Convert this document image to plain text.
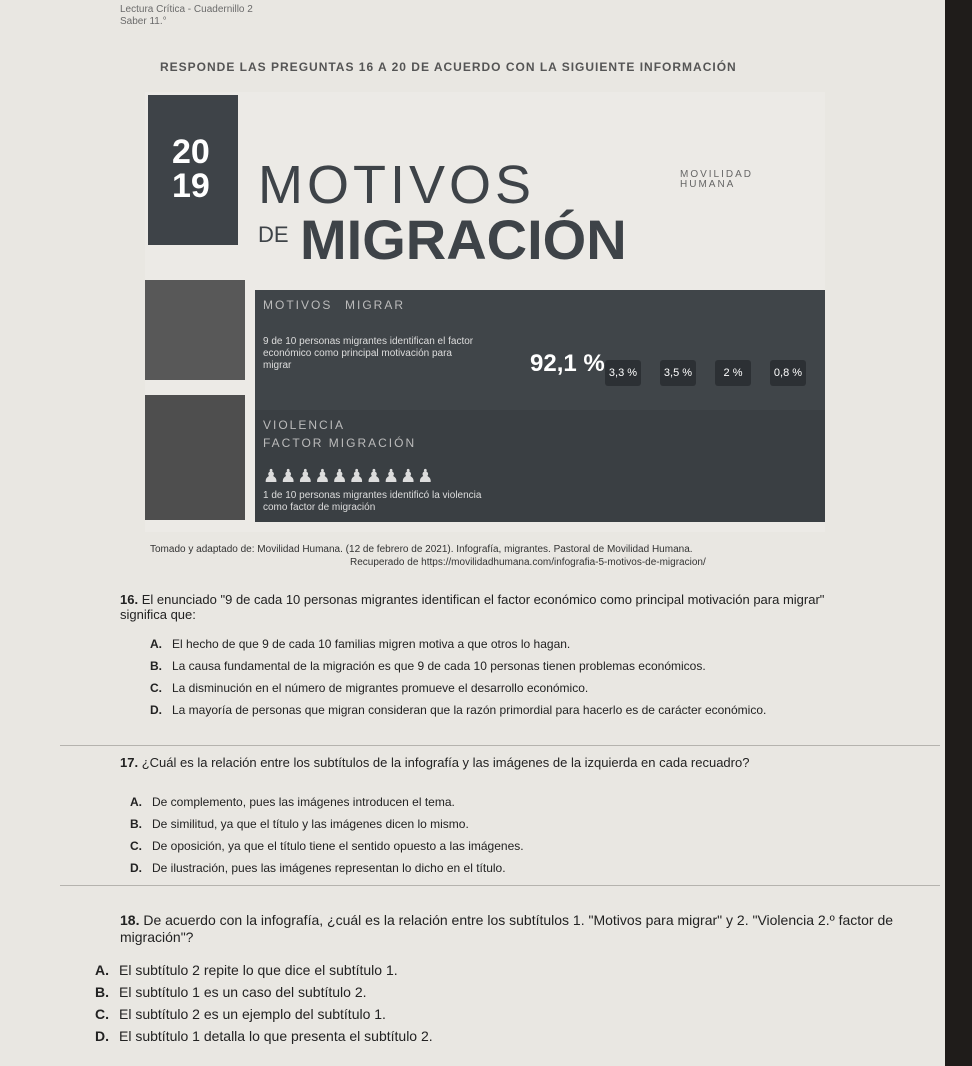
Lectura Crítica - Cuadernillo 2
Saber 11.°
RESPONDE LAS PREGUNTAS 16 A 20 DE ACUERDO CON LA SIGUIENTE INFORMACIÓN
20
19 MOTIVOS
DE MIGRACIÓN
MOVILIDAD HUMANA
MOTIVOS MIGRAR
9 de 10 personas migrantes identifican el factor económico como principal motivación para migrar	92,1 % 3,3 %	3,5 %	2 %	0,8 %
VIOLENCIA
FACTOR MIGRACIÓN
♟♟♟♟♟♟♟♟♟♟
1 de 10 personas migrantes identificó la violencia como factor de migración
Tomado y adaptado de: Movilidad Humana. (12 de febrero de 2021). Infografía, migrantes. Pastoral de Movilidad Humana.
Recuperado de https://movilidadhumana.com/infografia-5-motivos-de-migracion/
16. El enunciado "9 de cada 10 personas migrantes identifican el factor económico como principal motivación para migrar" significa que:
A. El hecho de que 9 de cada 10 familias migren motiva a que otros lo hagan.
B. La causa fundamental de la migración es que 9 de cada 10 personas tienen problemas económicos.
C. La disminución en el número de migrantes promueve el desarrollo económico.
D. La mayoría de personas que migran consideran que la razón primordial para hacerlo es de carácter económico.
17. ¿Cuál es la relación entre los subtítulos de la infografía y las imágenes de la izquierda en cada recuadro?
A. De complemento, pues las imágenes introducen el tema.
B. De similitud, ya que el título y las imágenes dicen lo mismo.
C. De oposición, ya que el título tiene el sentido opuesto a las imágenes.
D. De ilustración, pues las imágenes representan lo dicho en el título.
18. De acuerdo con la infografía, ¿cuál es la relación entre los subtítulos 1. "Motivos para migrar" y 2. "Violencia 2.º factor de migración"?
A. El subtítulo 2 repite lo que dice el subtítulo 1.
B. El subtítulo 1 es un caso del subtítulo 2.
C. El subtítulo 2 es un ejemplo del subtítulo 1.
D. El subtítulo 1 detalla lo que presenta el subtítulo 2.
